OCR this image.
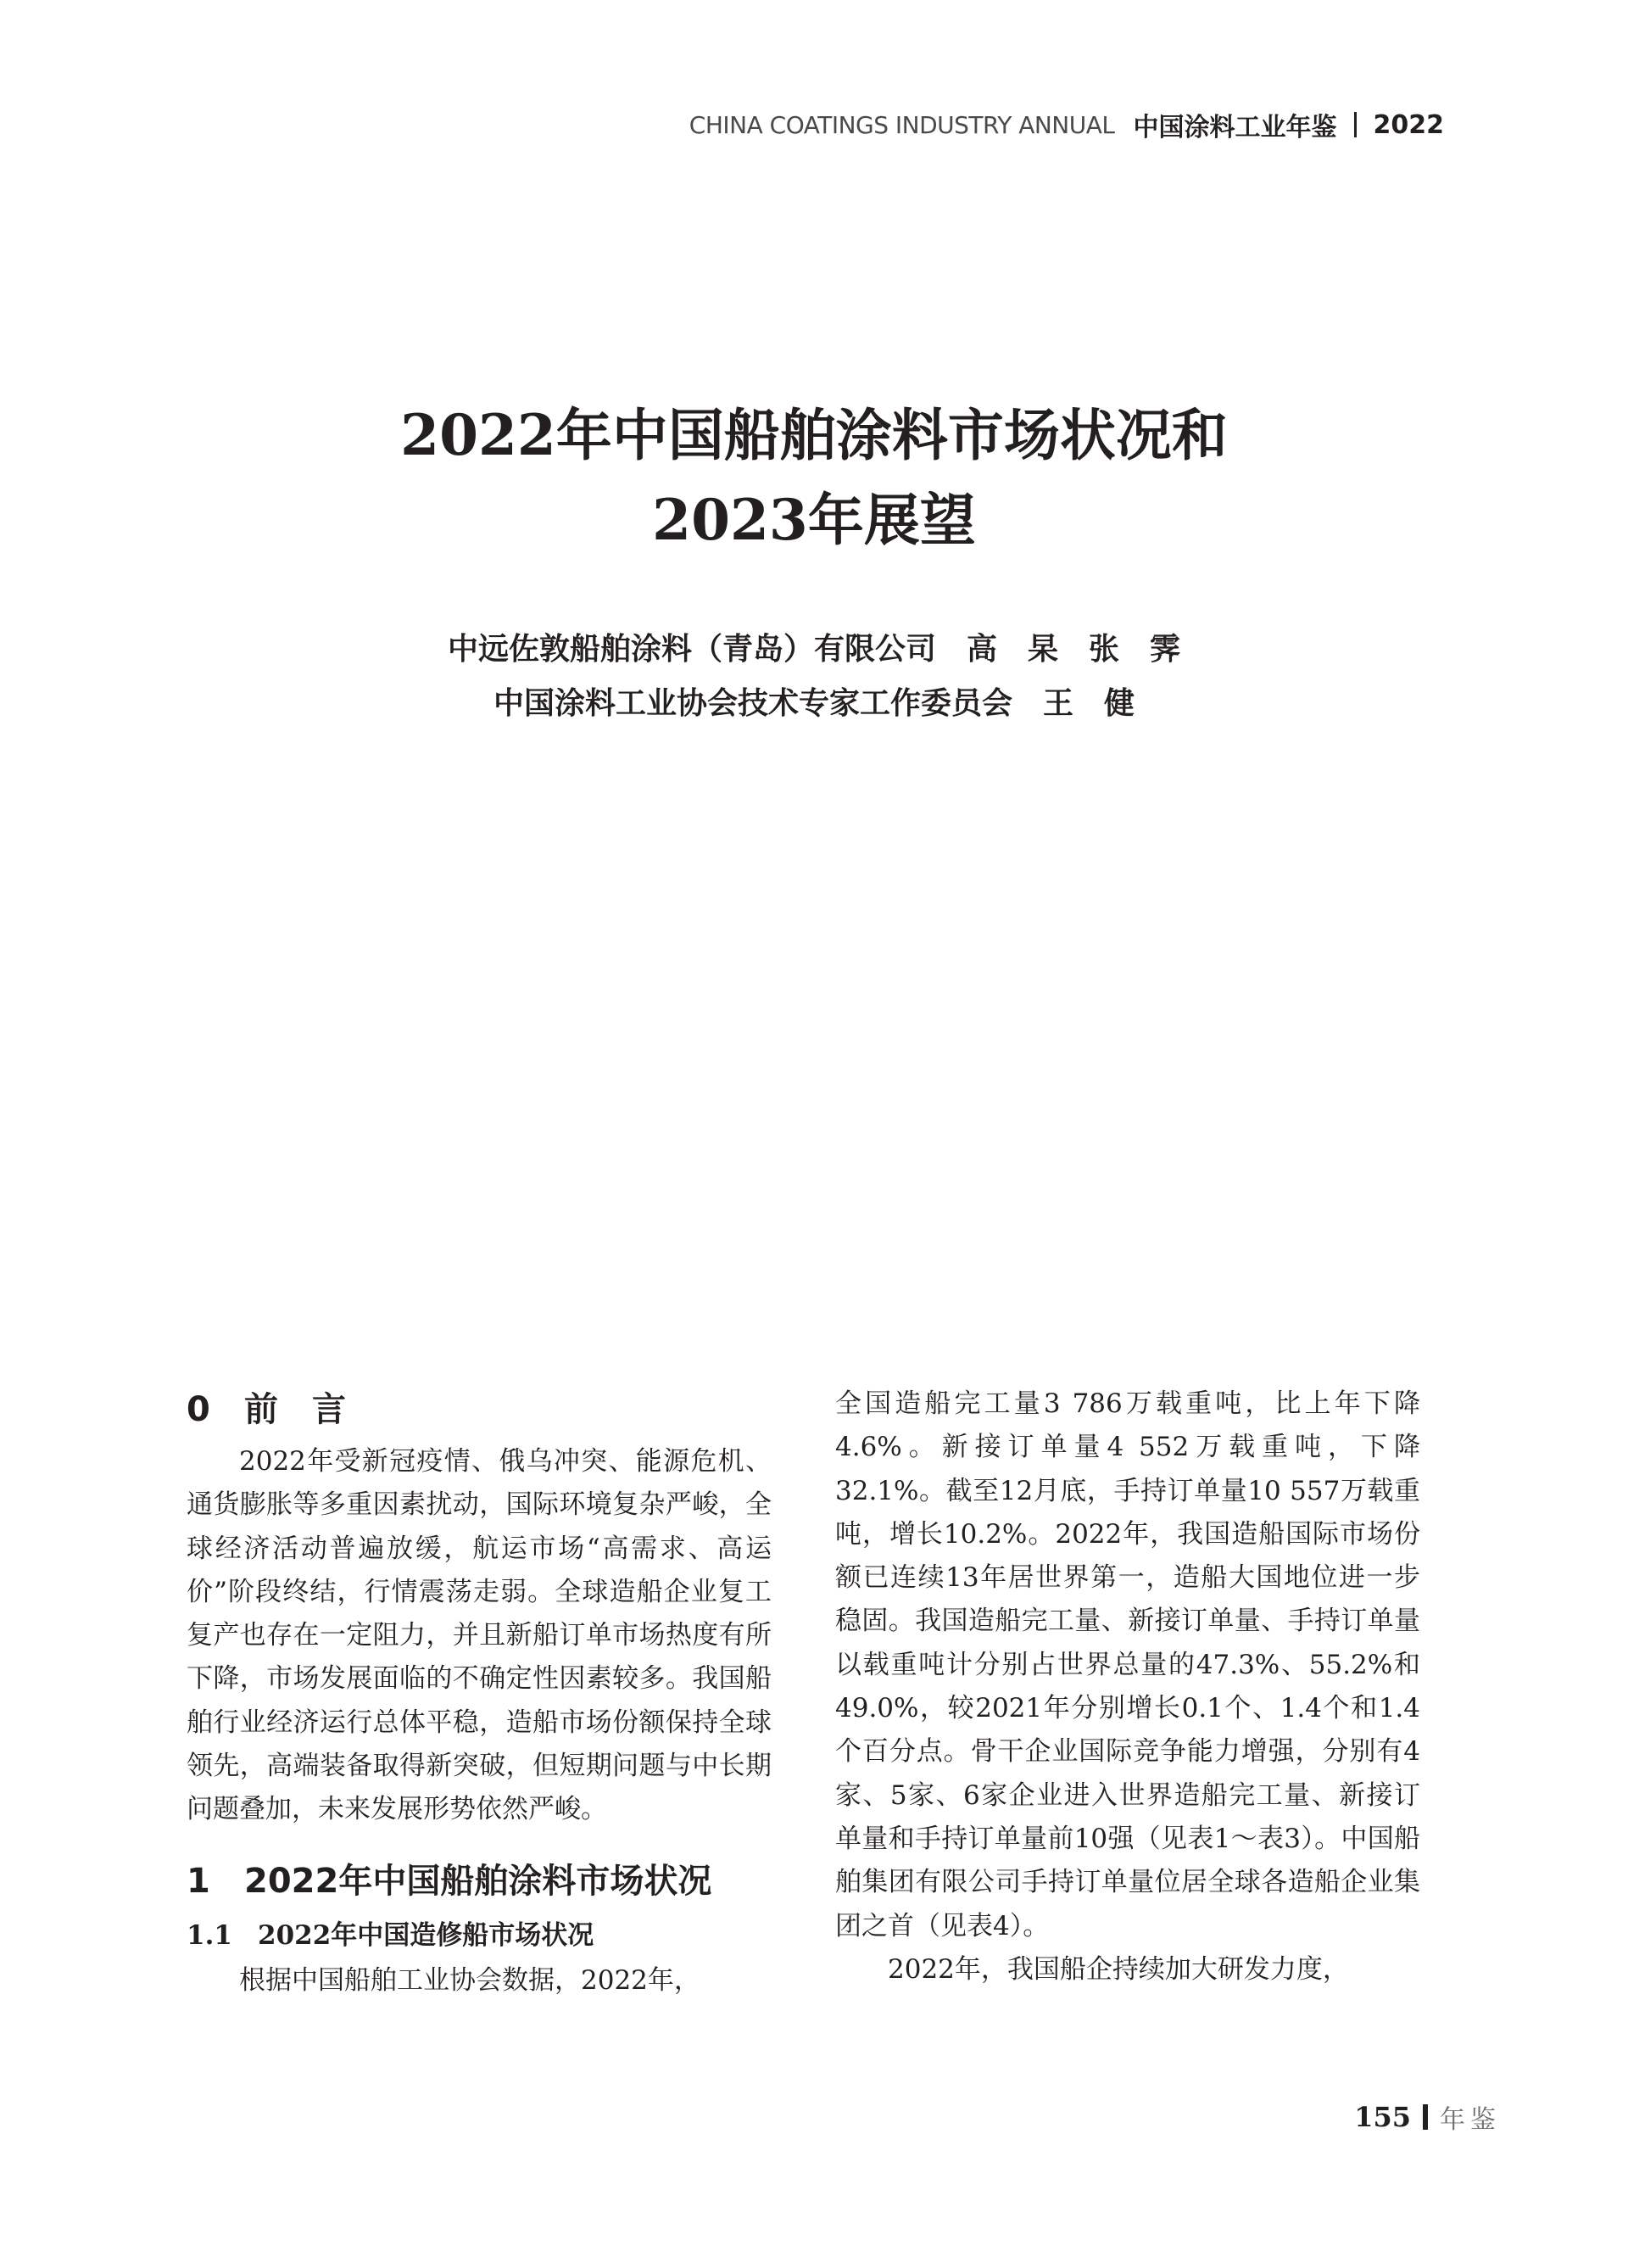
CHINA COATINGS INDUSTRY ANNUAL 中国涂料工业年鉴 2022
2022年中国船舶涂料市场状况和
2023年展望
中远佐敦船舶涂料（青岛）有限公司　高　杲　张　霁
中国涂料工业协会技术专家工作委员会　王　健
0 前　言

2022年受新冠疫情、俄乌冲突、能源危机、通货膨胀等多重因素扰动，国际环境复杂严峻，全球经济活动普遍放缓，航运市场“高需求、高运价”阶段终结，行情震荡走弱。全球造船企业复工复产也存在一定阻力，并且新船订单市场热度有所下降，市场发展面临的不确定性因素较多。我国船舶行业经济运行总体平稳，造船市场份额保持全球领先，高端装备取得新突破，但短期问题与中长期问题叠加，未来发展形势依然严峻。

1 2022年中国船舶涂料市场状况
1.1 2022年中国造修船市场状况

根据中国船舶工业协会数据，2022年，

全国造船完工量3 786万载重吨，比上年下降4.6%。新接订单量4 552万载重吨，下降32.1%。截至12月底，手持订单量10 557万载重吨，增长10.2%。2022年，我国造船国际市场份额已连续13年居世界第一，造船大国地位进一步稳固。我国造船完工量、新接订单量、手持订单量以载重吨计分别占世界总量的47.3%、55.2%和49.0%，较2021年分别增长0.1个、1.4个和1.4个百分点。骨干企业国际竞争能力增强，分别有4家、5家、6家企业进入世界造船完工量、新接订单量和手持订单量前10强（见表1～表3）。中国船舶集团有限公司手持订单量位居全球各造船企业集团之首（见表4）。

2022年，我国船企持续加大研发力度，

155 年鉴
